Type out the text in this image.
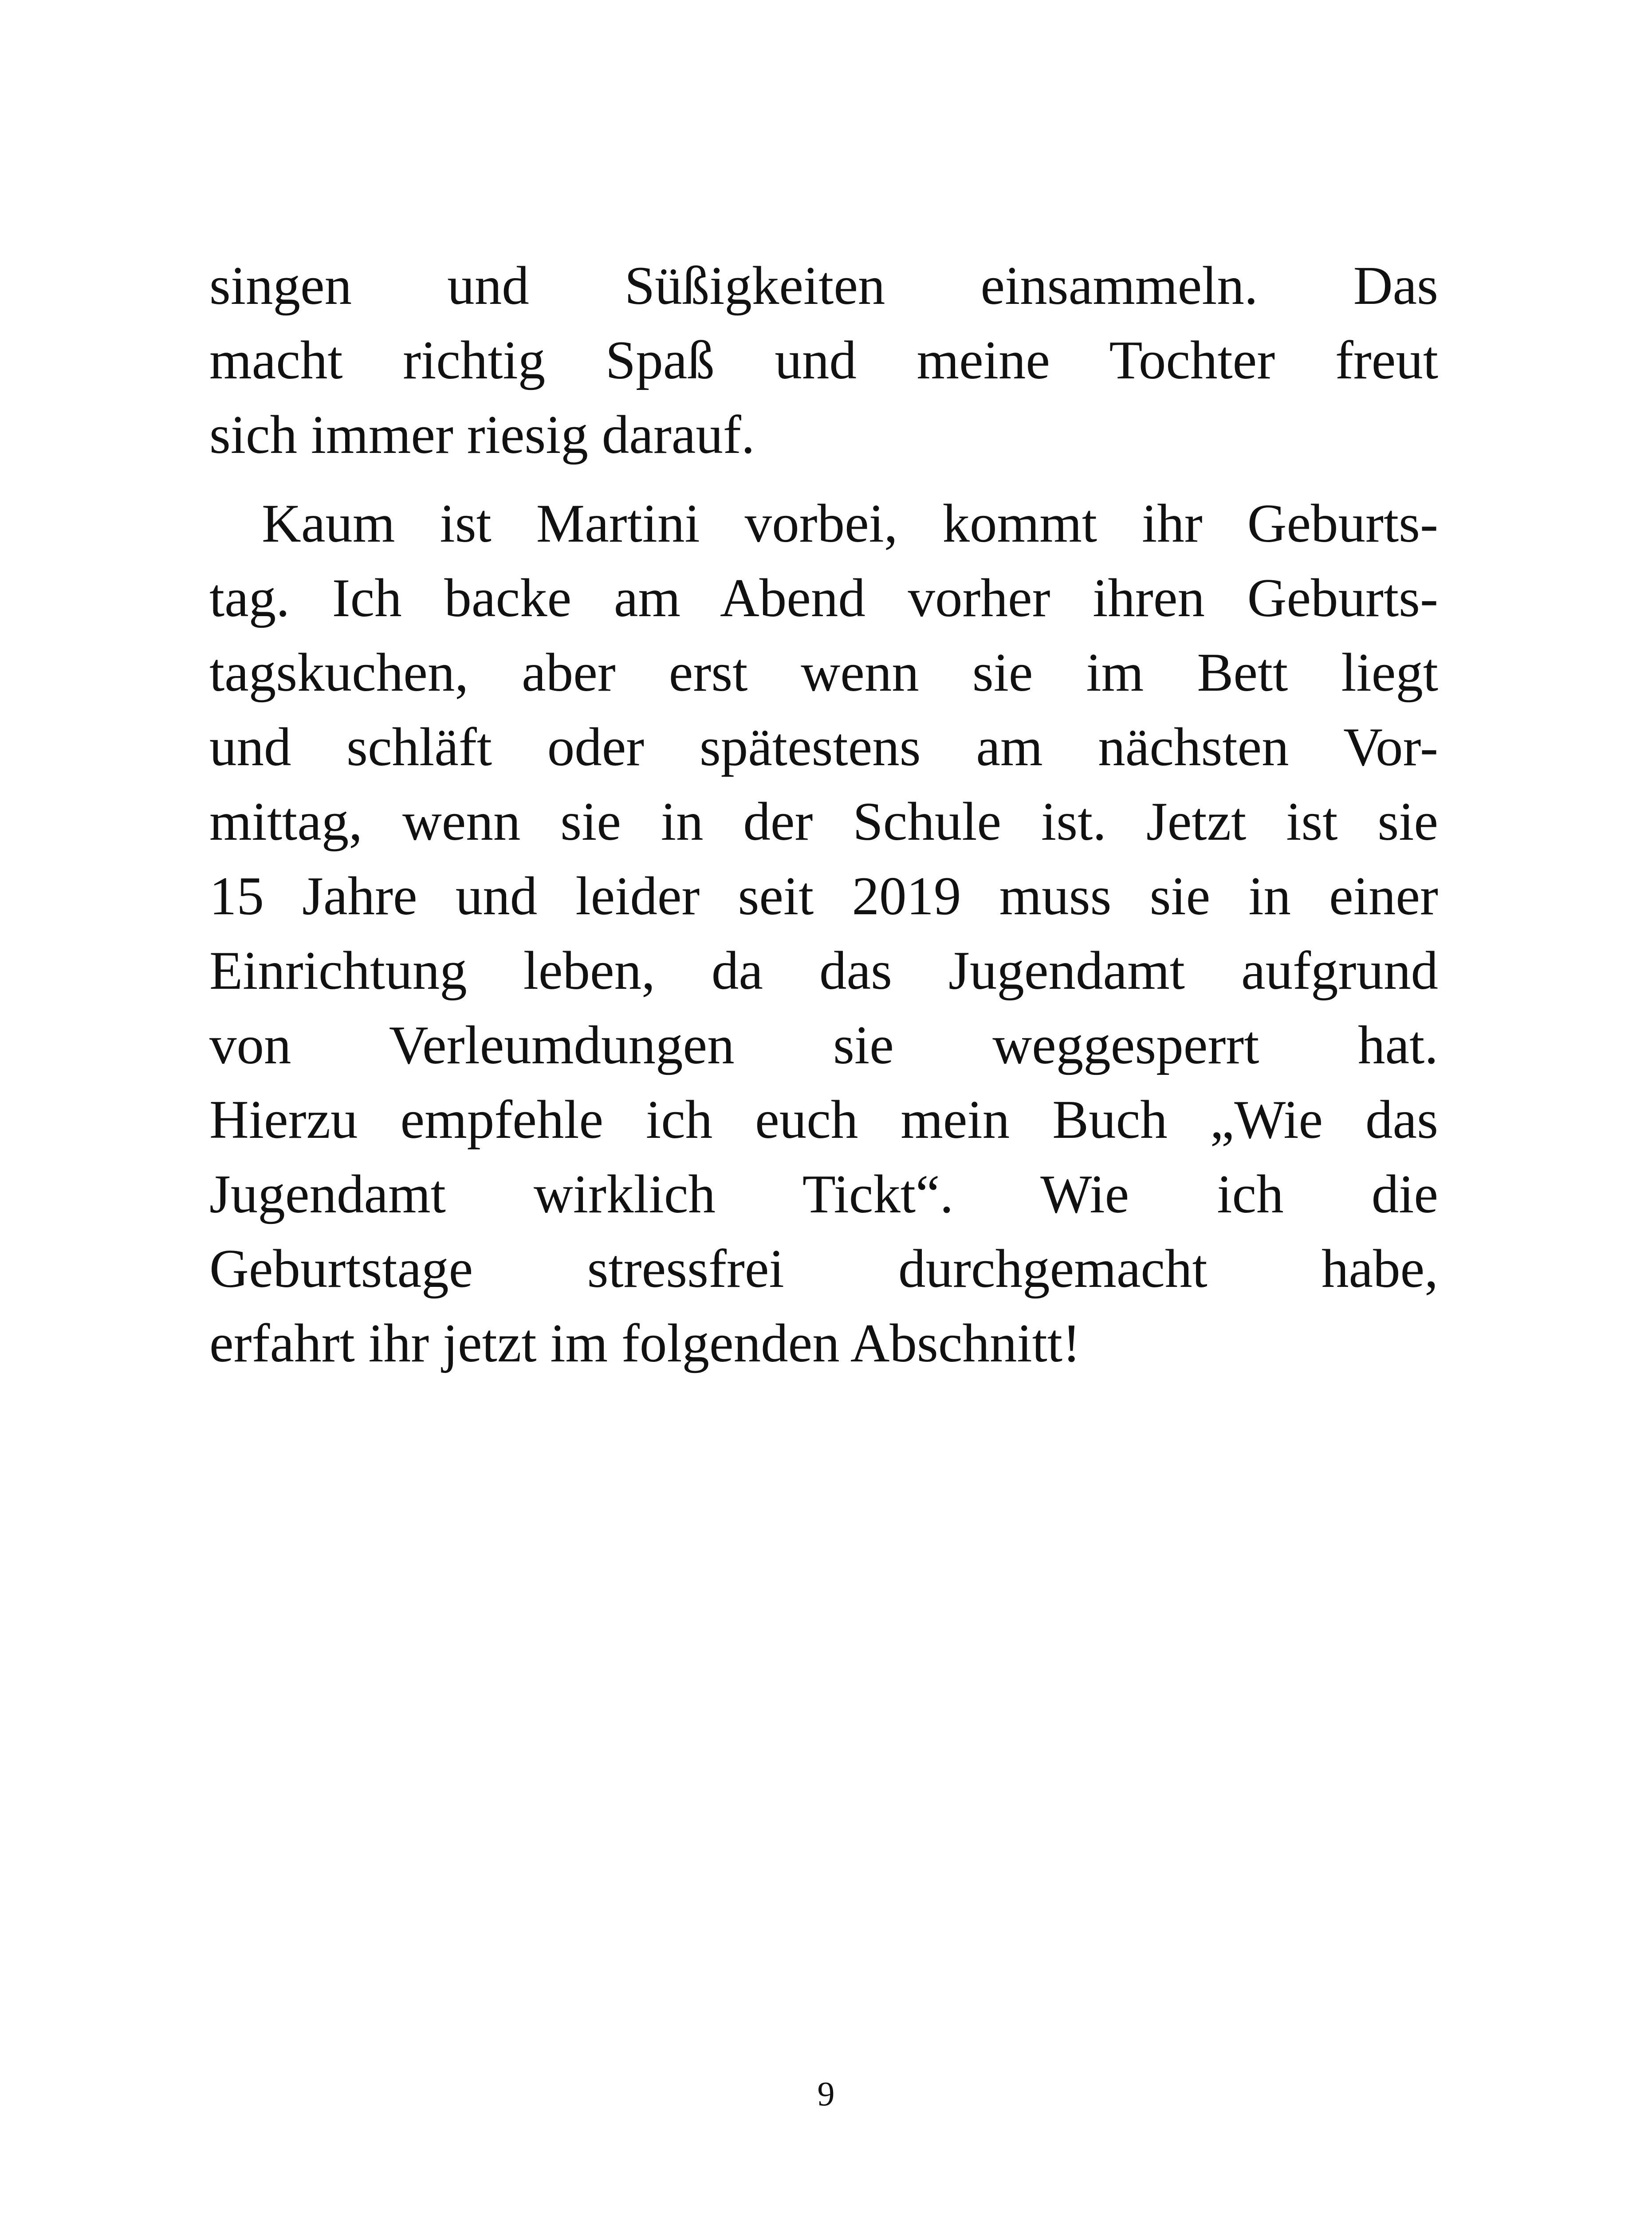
singen und Süßigkeiten einsammeln. Das
macht richtig Spaß und meine Tochter freut
sich immer riesig darauf.
Kaum ist Martini vorbei, kommt ihr Geburts-
tag. Ich backe am Abend vorher ihren Geburts-
tagskuchen, aber erst wenn sie im Bett liegt
und schläft oder spätestens am nächsten Vor-
mittag, wenn sie in der Schule ist. Jetzt ist sie
15 Jahre und leider seit 2019 muss sie in einer
Einrichtung leben, da das Jugendamt aufgrund
von Verleumdungen sie weggesperrt hat.
Hierzu empfehle ich euch mein Buch „Wie das
Jugendamt wirklich Tickt“. Wie ich die
Geburtstage stressfrei durchgemacht habe,
erfahrt ihr jetzt im folgenden Abschnitt!
9
